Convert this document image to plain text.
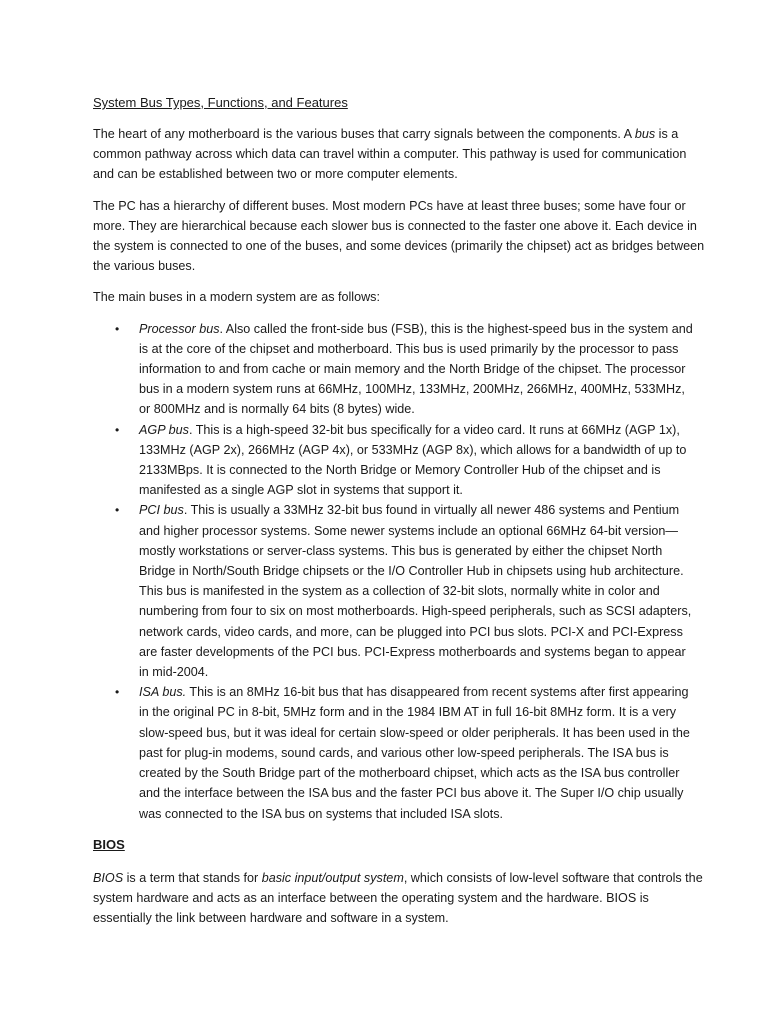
System Bus Types, Functions, and Features

The heart of any motherboard is the various buses that carry signals between the components. A bus is a common pathway across which data can travel within a computer. This pathway is used for communication and can be established between two or more computer elements.

The PC has a hierarchy of different buses. Most modern PCs have at least three buses; some have four or more. They are hierarchical because each slower bus is connected to the faster one above it. Each device in the system is connected to one of the buses, and some devices (primarily the chipset) act as bridges between the various buses.

The main buses in a modern system are as follows:

• Processor bus. Also called the front-side bus (FSB), this is the highest-speed bus in the system and is at the core of the chipset and motherboard. This bus is used primarily by the processor to pass information to and from cache or main memory and the North Bridge of the chipset. The processor bus in a modern system runs at 66MHz, 100MHz, 133MHz, 200MHz, 266MHz, 400MHz, 533MHz, or 800MHz and is normally 64 bits (8 bytes) wide.
• AGP bus. This is a high-speed 32-bit bus specifically for a video card. It runs at 66MHz (AGP 1x), 133MHz (AGP 2x), 266MHz (AGP 4x), or 533MHz (AGP 8x), which allows for a bandwidth of up to 2133MBps. It is connected to the North Bridge or Memory Controller Hub of the chipset and is manifested as a single AGP slot in systems that support it.
• PCI bus. This is usually a 33MHz 32-bit bus found in virtually all newer 486 systems and Pentium and higher processor systems. Some newer systems include an optional 66MHz 64-bit version— mostly workstations or server-class systems. This bus is generated by either the chipset North Bridge in North/South Bridge chipsets or the I/O Controller Hub in chipsets using hub architecture. This bus is manifested in the system as a collection of 32-bit slots, normally white in color and numbering from four to six on most motherboards. High-speed peripherals, such as SCSI adapters, network cards, video cards, and more, can be plugged into PCI bus slots. PCI-X and PCI-Express are faster developments of the PCI bus. PCI-Express motherboards and systems began to appear in mid-2004.
• ISA bus. This is an 8MHz 16-bit bus that has disappeared from recent systems after first appearing in the original PC in 8-bit, 5MHz form and in the 1984 IBM AT in full 16-bit 8MHz form. It is a very slow-speed bus, but it was ideal for certain slow-speed or older peripherals. It has been used in the past for plug-in modems, sound cards, and various other low-speed peripherals. The ISA bus is created by the South Bridge part of the motherboard chipset, which acts as the ISA bus controller and the interface between the ISA bus and the faster PCI bus above it. The Super I/O chip usually was connected to the ISA bus on systems that included ISA slots.
BIOS

BIOS is a term that stands for basic input/output system, which consists of low-level software that controls the system hardware and acts as an interface between the operating system and the hardware. BIOS is essentially the link between hardware and software in a system.
